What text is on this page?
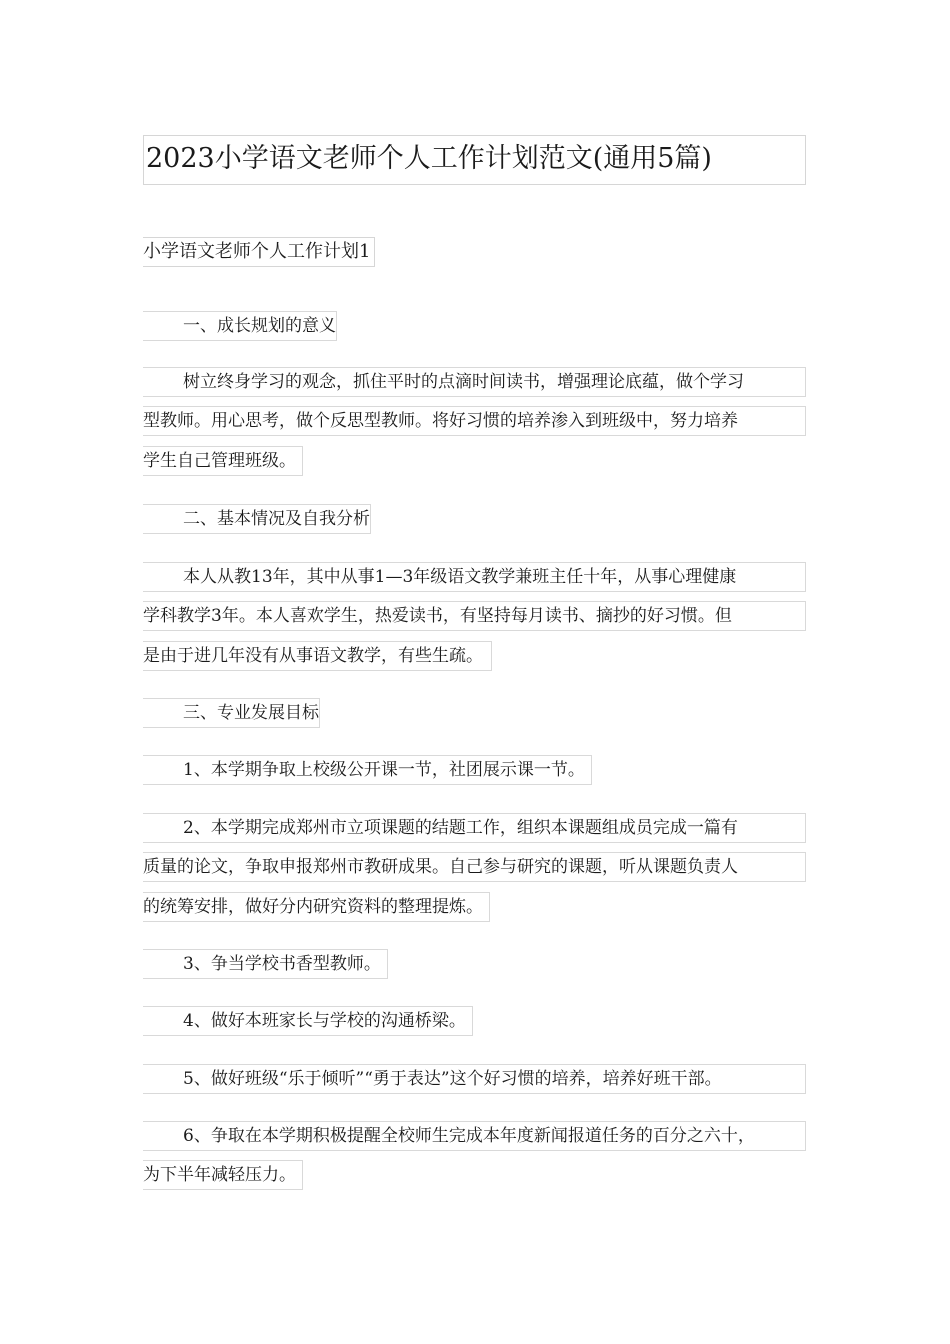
2023小学语文老师个人工作计划范文(通用5篇)
小学语文老师个人工作计划1
一、成长规划的意义
树立终身学习的观念，抓住平时的点滴时间读书，增强理论底蕴，做个学习
型教师。用心思考，做个反思型教师。将好习惯的培养渗入到班级中，努力培养
学生自己管理班级。
二、基本情况及自我分析
本人从教13年，其中从事1—3年级语文教学兼班主任十年，从事心理健康
学科教学3年。本人喜欢学生，热爱读书，有坚持每月读书、摘抄的好习惯。但
是由于进几年没有从事语文教学，有些生疏。
三、专业发展目标
1、本学期争取上校级公开课一节，社团展示课一节。
2、本学期完成郑州市立项课题的结题工作，组织本课题组成员完成一篇有
质量的论文，争取申报郑州市教研成果。自己参与研究的课题，听从课题负责人
的统筹安排，做好分内研究资料的整理提炼。
3、争当学校书香型教师。
4、做好本班家长与学校的沟通桥梁。
5、做好班级“乐于倾听”“勇于表达”这个好习惯的培养，培养好班干部。
6、争取在本学期积极提醒全校师生完成本年度新闻报道任务的百分之六十，
为下半年减轻压力。
